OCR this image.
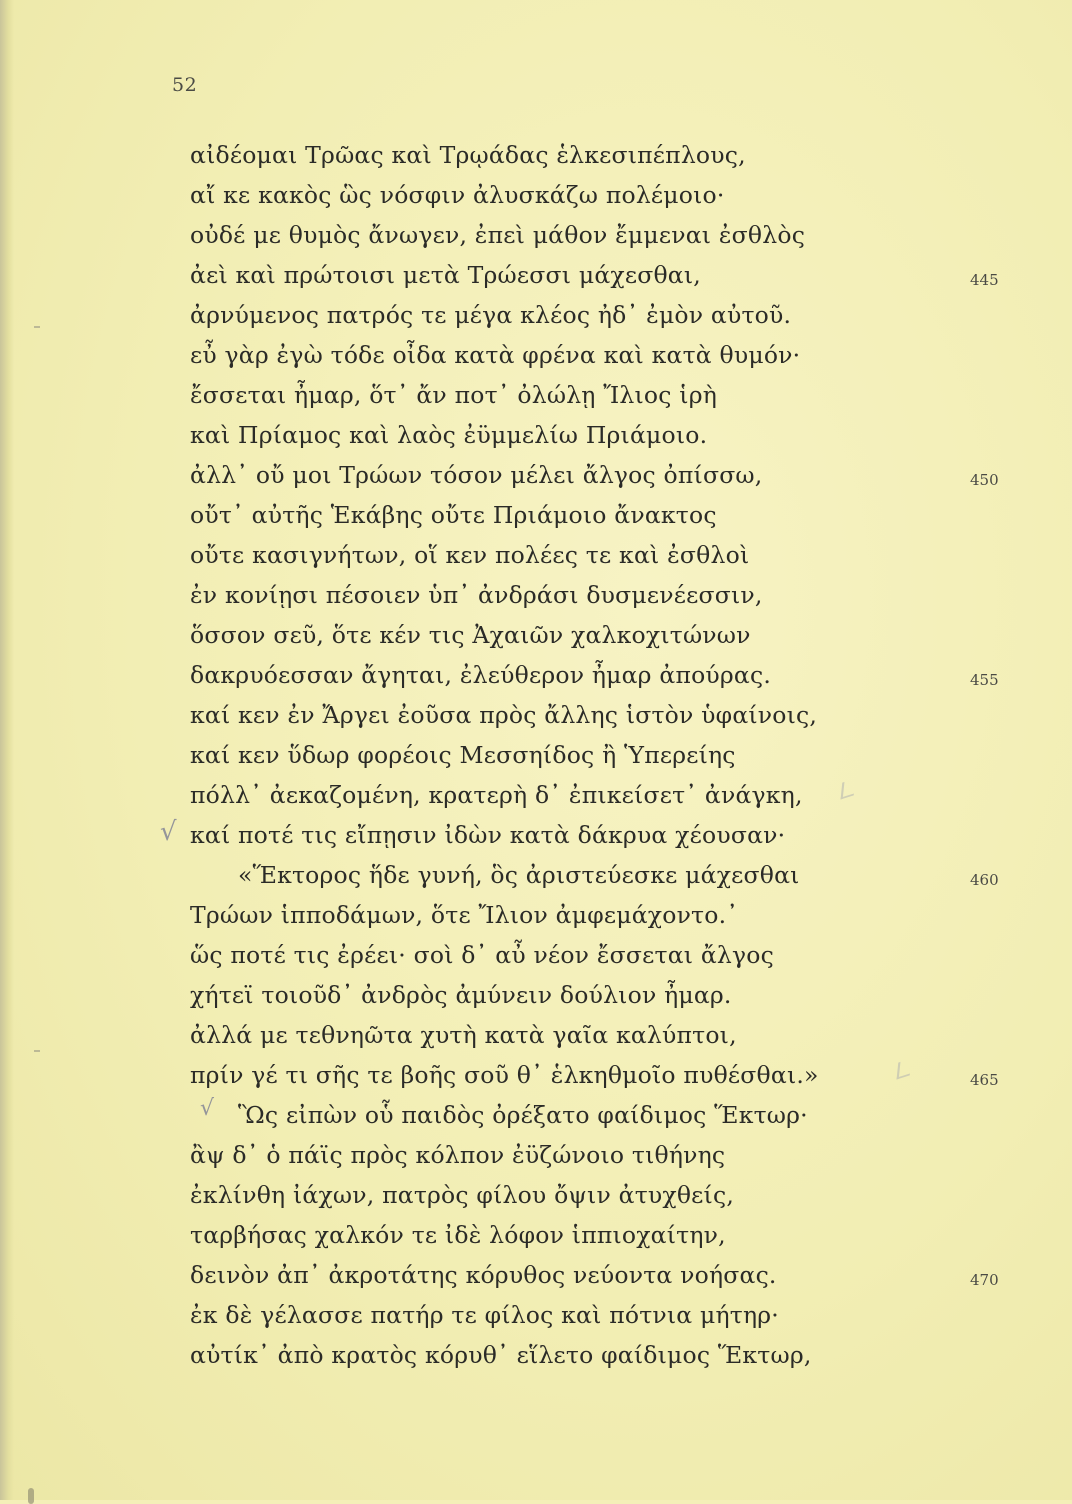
52
αἰδέομαι Τρῶας καὶ Τρῳάδας ἑλκεσιπέπλους,
αἴ κε κακὸς ὣς νόσφιν ἀλυσκάζω πολέμοιο·
οὐδέ με θυμὸς ἄνωγεν, ἐπεὶ μάθον ἔμμεναι ἐσθλὸς
ἀεὶ καὶ πρώτοισι μετὰ Τρώεσσι μάχεσθαι,
ἀρνύμενος πατρός τε μέγα κλέος ἠδ᾽ ἐμὸν αὐτοῦ.
εὖ γὰρ ἐγὼ τόδε οἶδα κατὰ φρένα καὶ κατὰ θυμόν·
ἔσσεται ἦμαρ, ὅτ᾽ ἄν ποτ᾽ ὀλώλῃ Ἴλιος ἱρὴ
καὶ Πρίαμος καὶ λαὸς ἐϋμμελίω Πριάμοιο.
ἀλλ᾽ οὔ μοι Τρώων τόσον μέλει ἄλγος ὀπίσσω,
οὔτ᾽ αὐτῆς Ἑκάβης οὔτε Πριάμοιο ἄνακτος
οὔτε κασιγνήτων, οἵ κεν πολέες τε καὶ ἐσθλοὶ
ἐν κονίῃσι πέσοιεν ὑπ᾽ ἀνδράσι δυσμενέεσσιν,
ὅσσον σεῦ, ὅτε κέν τις Ἀχαιῶν χαλκοχιτώνων
δακρυόεσσαν ἄγηται, ἐλεύθερον ἦμαρ ἀπούρας.
καί κεν ἐν Ἄργει ἐοῦσα πρὸς ἄλλης ἱστὸν ὑφαίνοις,
καί κεν ὕδωρ φορέοις Μεσσηίδος ἢ Ὑπερείης
πόλλ᾽ ἀεκαζομένη, κρατερὴ δ᾽ ἐπικείσετ᾽ ἀνάγκη,
καί ποτέ τις εἴπῃσιν ἰδὼν κατὰ δάκρυα χέουσαν·
«Ἕκτορος ἥδε γυνή, ὃς ἀριστεύεσκε μάχεσθαι
Τρώων ἱπποδάμων, ὅτε Ἴλιον ἀμφεμάχοντο.᾽
ὥς ποτέ τις ἐρέει· σοὶ δ᾽ αὖ νέον ἔσσεται ἄλγος
χήτεϊ τοιοῦδ᾽ ἀνδρὸς ἀμύνειν δούλιον ἦμαρ.
ἀλλά με τεθνηῶτα χυτὴ κατὰ γαῖα καλύπτοι,
πρίν γέ τι σῆς τε βοῆς σοῦ θ᾽ ἑλκηθμοῖο πυθέσθαι.»
Ὣς εἰπὼν οὗ παιδὸς ὀρέξατο φαίδιμος Ἕκτωρ·
ἂψ δ᾽ ὁ πάϊς πρὸς κόλπον ἐϋζώνοιο τιθήνης
ἐκλίνθη ἰάχων, πατρὸς φίλου ὄψιν ἀτυχθείς,
ταρβήσας χαλκόν τε ἰδὲ λόφον ἱππιοχαίτην,
δεινὸν ἀπ᾽ ἀκροτάτης κόρυθος νεύοντα νοήσας.
ἐκ δὲ γέλασσε πατήρ τε φίλος καὶ πότνια μήτηρ·
αὐτίκ᾽ ἀπὸ κρατὸς κόρυθ᾽ εἵλετο φαίδιμος Ἕκτωρ,
445
450
455
460
465
470
√
√
